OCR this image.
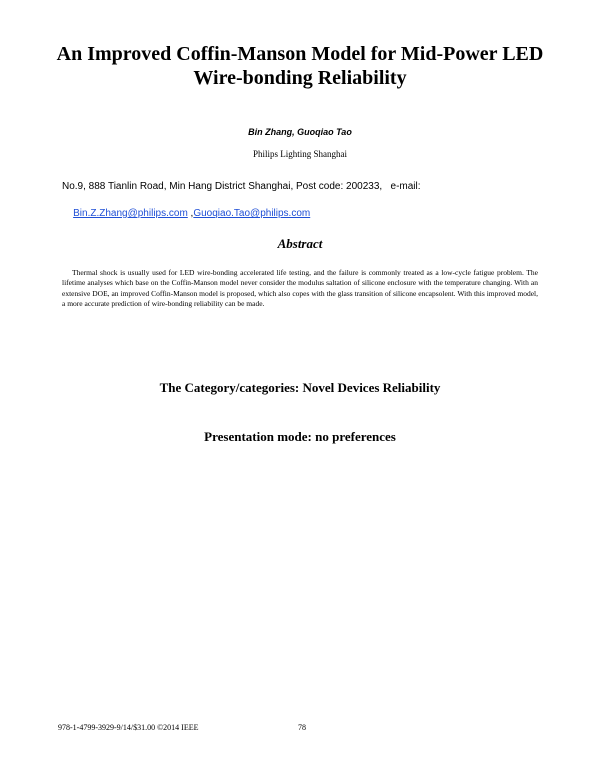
An Improved Coffin-Manson Model for Mid-Power LED Wire-bonding Reliability
Bin Zhang, Guoqiao Tao
Philips Lighting Shanghai
No.9, 888 Tianlin Road, Min Hang District Shanghai, Post code: 200233,   e-mail:

Bin.Z.Zhang@philips.com ,Guoqiao.Tao@philips.com

Abstract

Thermal shock is usually used for LED wire-bonding accelerated life testing, and the failure is commonly treated as a low-cycle fatigue problem. The lifetime analyses which base on the Coffin-Manson model never consider the modulus saltation of silicone enclosure with the temperature changing. With an extensive DOE, an improved Coffin-Manson model is proposed, which also copes with the glass transition of silicone encapsolent. With this improved model, a more accurate prediction of wire-bonding reliability can be made.

The Category/categories: Novel Devices Reliability
Presentation mode: no preferences
978-1-4799-3929-9/14/$31.00 ©2014 IEEE	78
